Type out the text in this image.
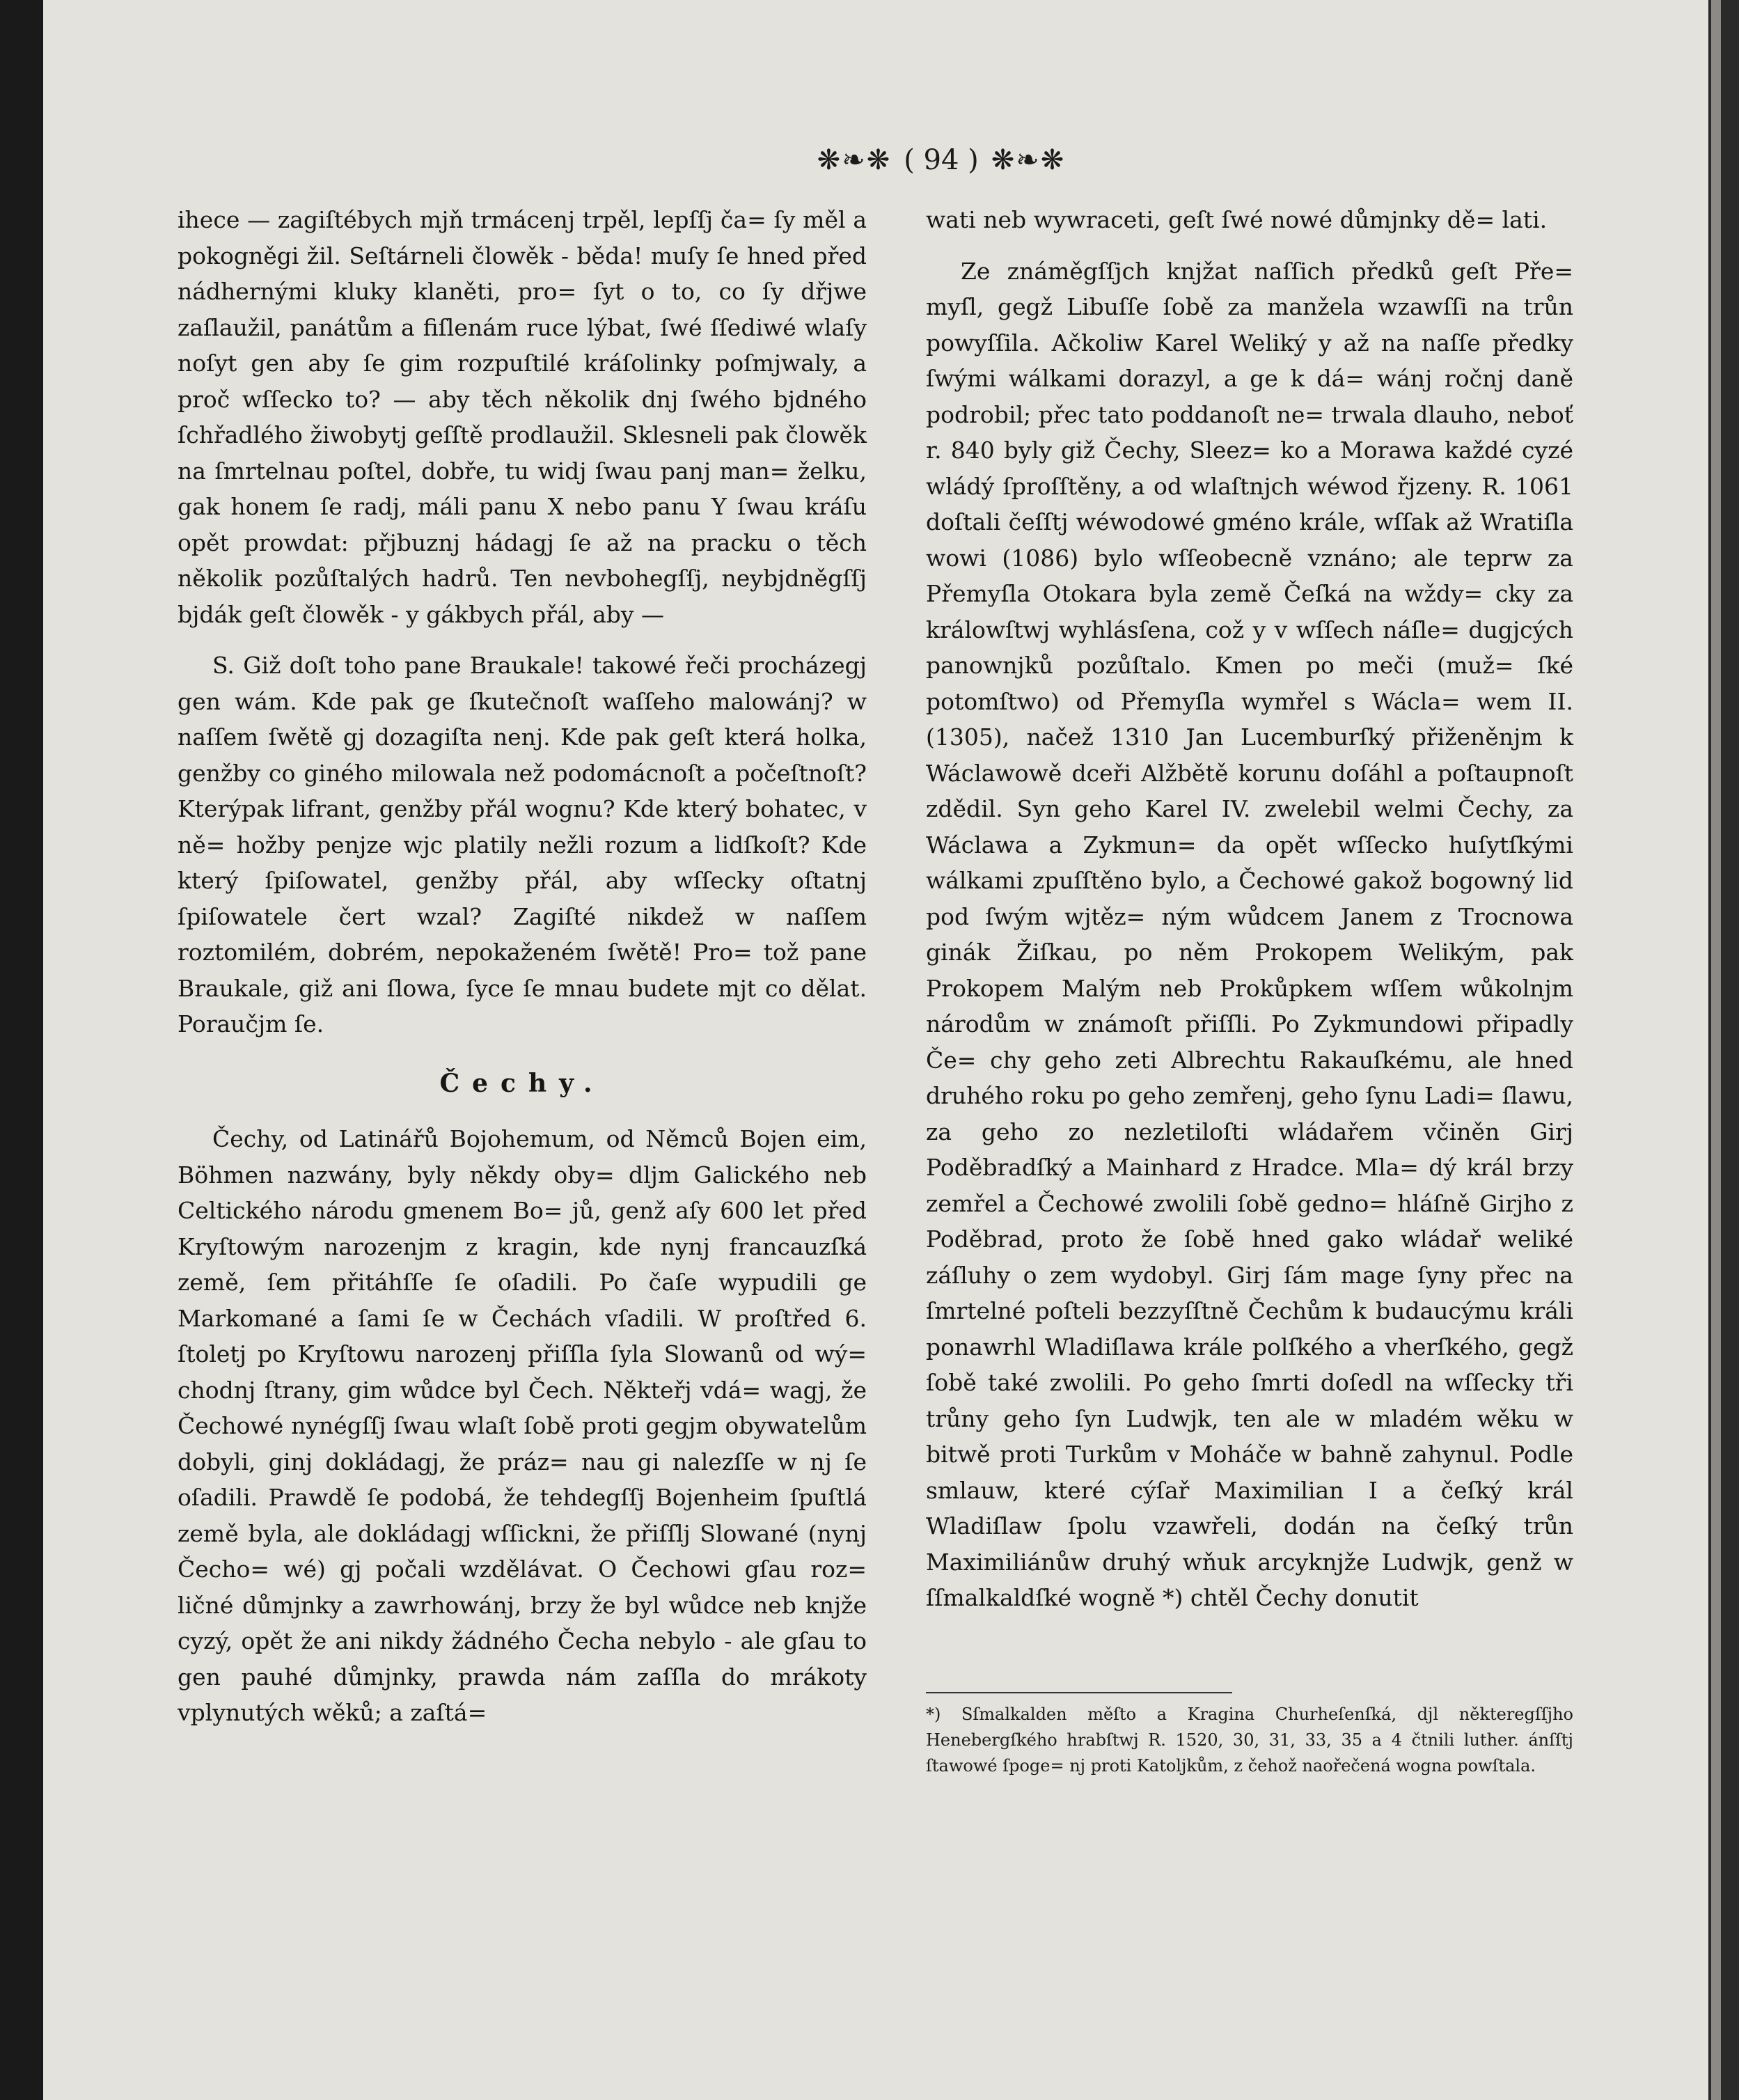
❋❧❋ ( 94 ) ❋❧❋

ihece — zagiſtébych mjň trmácenj trpěl, lepſſj ča= ſy měl a pokogněgi žil. Seſtárneli člowěk - běda! muſy ſe hned před nádhernými kluky klaněti, pro= ſyt o to, co ſy dřjwe zaſlaužil, panátům a fiſlenám ruce lýbat, ſwé ſſediwé wlaſy noſyt gen aby ſe gim rozpuſtilé kráſolinky poſmjwaly, a proč wſſecko to? — aby těch několik dnj ſwého bjdného ſchřadlého žiwobytj geſſtě prodlaužil. Sklesneli pak člowěk na ſmrtelnau poſtel, dobře, tu widj ſwau panj man= želku, gak honem ſe radj, máli panu X nebo panu Y ſwau kráſu opět prowdat: přjbuznj hádagj ſe až na pracku o těch několik pozůſtalých hadrů. Ten nevbohegſſj, neybjdněgſſj bjdák geſt člowěk - y gákbych přál, aby —

S. Giž doſt toho pane Braukale! takowé řeči procházegj gen wám. Kde pak ge ſkutečnoſt waſſeho malowánj? w naſſem ſwětě gj dozagiſta nenj. Kde pak geſt která holka, genžby co giného milowala než podomácnoſt a počeſtnoſt? Kterýpak lifrant, genžby přál wognu? Kde který bohatec, v ně= hožby penjze wjc platily nežli rozum a lidſkoſt? Kde který ſpiſowatel, genžby přál, aby wſſecky oſtatnj ſpiſowatele čert wzal? Zagiſté nikdež w naſſem roztomilém, dobrém, nepokaženém ſwětě! Pro= tož pane Braukale, giž ani ſlowa, ſyce ſe mnau budete mjt co dělat. Poraučjm ſe.

Čechy.

Čechy, od Latinářů Bojohemum, od Němců Bojen eim, Böhmen nazwány, byly někdy oby= dljm Galického neb Celtického národu gmenem Bo= jů, genž aſy 600 let před Kryſtowým narozenjm z kragin, kde nynj francauzſká země, ſem přitáhſſe ſe oſadili. Po čaſe wypudili ge Markomané a ſami ſe w Čechách vſadili. W proſtřed 6. ſtoletj po Kryſtowu narozenj přiſſla ſyla Slowanů od wý= chodnj ſtrany, gim wůdce byl Čech. Někteřj vdá= wagj, že Čechowé nynégſſj ſwau wlaſt ſobě proti gegjm obywatelům dobyli, ginj dokládagj, že práz= nau gi nalezſſe w nj ſe oſadili. Prawdě ſe podobá, že tehdegſſj Bojenheim ſpuſtlá země byla, ale dokládagj wſſickni, že přiſſlj Slowané (nynj Čecho= wé) gj počali wzdělávat. O Čechowi gſau roz= ličné důmjnky a zawrhowánj, brzy že byl wůdce neb knjže cyzý, opět že ani nikdy žádného Čecha nebylo - ale gſau to gen pauhé důmjnky, prawda nám zaſſla do mrákoty vplynutých wěků; a zaſtá=

wati neb wywraceti, geſt ſwé nowé důmjnky dě= lati.

Ze známěgſſjch knjžat naſſich předků geſt Pře= myſl, gegž Libuſſe ſobě za manžela wzawſſi na trůn powyſſila. Ačkoliw Karel Weliký y až na naſſe předky ſwými wálkami dorazyl, a ge k dá= wánj ročnj daně podrobil; přec tato poddanoſt ne= trwala dlauho, neboť r. 840 byly giž Čechy, Sleez= ko a Morawa každé cyzé wládý ſproſſtěny, a od wlaſtnjch wéwod řjzeny. R. 1061 doſtali čeſſtj wéwodowé gméno krále, wſſak až Wratiſla wowi (1086) bylo wſſeobecně vznáno; ale teprw za Přemyſla Otokara byla země Čeſká na wždy= cky za králowſtwj wyhlásſena, což y v wſſech náſle= dugjcých panownjků pozůſtalo. Kmen po meči (muž= ſké potomſtwo) od Přemyſla wymřel s Wácla= wem II. (1305), načež 1310 Jan Lucemburſký přiženěnjm k Wáclawowě dceři Alžbětě korunu doſáhl a poſtaupnoſt zdědil. Syn geho Karel IV. zwelebil welmi Čechy, za Wáclawa a Zykmun= da opět wſſecko huſytſkými wálkami zpuſſtěno bylo, a Čechowé gakož bogowný lid pod ſwým wjtěz= ným wůdcem Janem z Trocnowa ginák Žiſkau, po něm Prokopem Welikým, pak Prokopem Malým neb Prokůpkem wſſem wůkolnjm národům w známoſt přiſſli. Po Zykmundowi připadly Če= chy geho zeti Albrechtu Rakauſkému, ale hned druhého roku po geho zemřenj, geho ſynu Ladi= ſlawu, za geho zo nezletiloſti wládařem včiněn Girj Poděbradſký a Mainhard z Hradce. Mla= dý král brzy zemřel a Čechowé zwolili ſobě gedno= hláſně Girjho z Poděbrad, proto že ſobě hned gako wládař weliké záſluhy o zem wydobyl. Girj ſám mage ſyny přec na ſmrtelné poſteli bezzyſſtně Čechům k budaucýmu králi ponawrhl Wladiſlawa krále polſkého a vherſkého, gegž ſobě také zwolili. Po geho ſmrti doſedl na wſſecky tři trůny geho ſyn Ludwjk, ten ale w mladém wěku w bitwě proti Turkům v Moháče w bahně zahynul. Podle smlauw, které cýſař Maximilian I a čeſký král Wladiſlaw ſpolu vzawřeli, dodán na čeſký trůn Maximiliánůw druhý wňuk arcyknjže Ludwjk, genž w ſſmalkaldſké wogně *) chtěl Čechy donutit

*) Sſmalkalden měſto a Kragina Churheſenſká, djl některegſſjho Henebergſkého hrabſtwj R. 1520, 30, 31, 33, 35 a 4 čtnili luther. ánſſtj ſtawowé ſpoge= nj proti Katoljkům, z čehož naořečená wogna powſtala.
